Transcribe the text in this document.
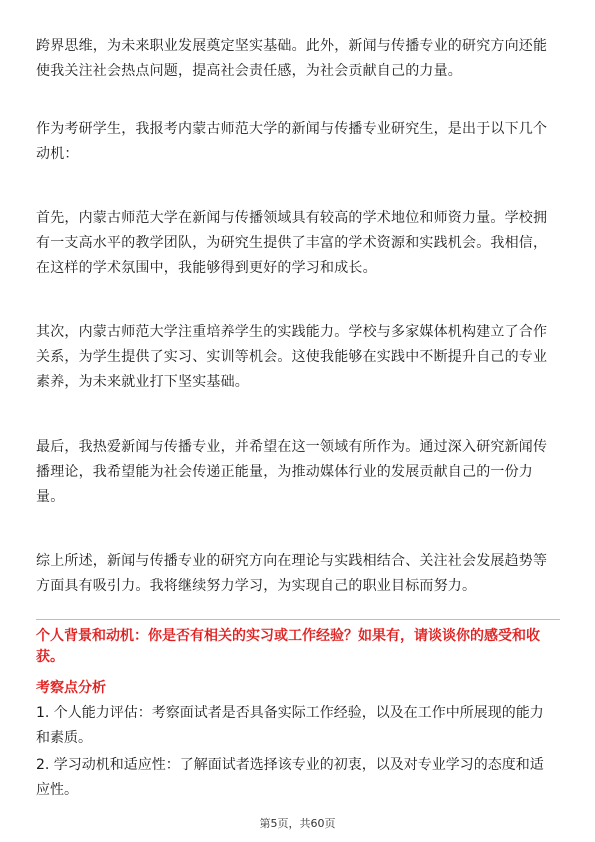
跨界思维，为未来职业发展奠定坚实基础。此外，新闻与传播专业的研究方向还能
使我关注社会热点问题，提高社会责任感，为社会贡献自己的力量。

作为考研学生，我报考内蒙古师范大学的新闻与传播专业研究生，是出于以下几个
动机：

首先，内蒙古师范大学在新闻与传播领域具有较高的学术地位和师资力量。学校拥
有一支高水平的教学团队，为研究生提供了丰富的学术资源和实践机会。我相信，
在这样的学术氛围中，我能够得到更好的学习和成长。

其次，内蒙古师范大学注重培养学生的实践能力。学校与多家媒体机构建立了合作
关系，为学生提供了实习、实训等机会。这使我能够在实践中不断提升自己的专业
素养，为未来就业打下坚实基础。

最后，我热爱新闻与传播专业，并希望在这一领域有所作为。通过深入研究新闻传
播理论，我希望能为社会传递正能量，为推动媒体行业的发展贡献自己的一份力
量。

综上所述，新闻与传播专业的研究方向在理论与实践相结合、关注社会发展趋势等
方面具有吸引力。我将继续努力学习，为实现自己的职业目标而努力。

个人背景和动机：你是否有相关的实习或工作经验？如果有，请谈谈你的感受和收
获。

考察点分析

1. 个人能力评估：考察面试者是否具备实际工作经验，以及在工作中所展现的能力
和素质。

2. 学习动机和适应性：了解面试者选择该专业的初衷，以及对专业学习的态度和适
应性。

第5页，共60页
